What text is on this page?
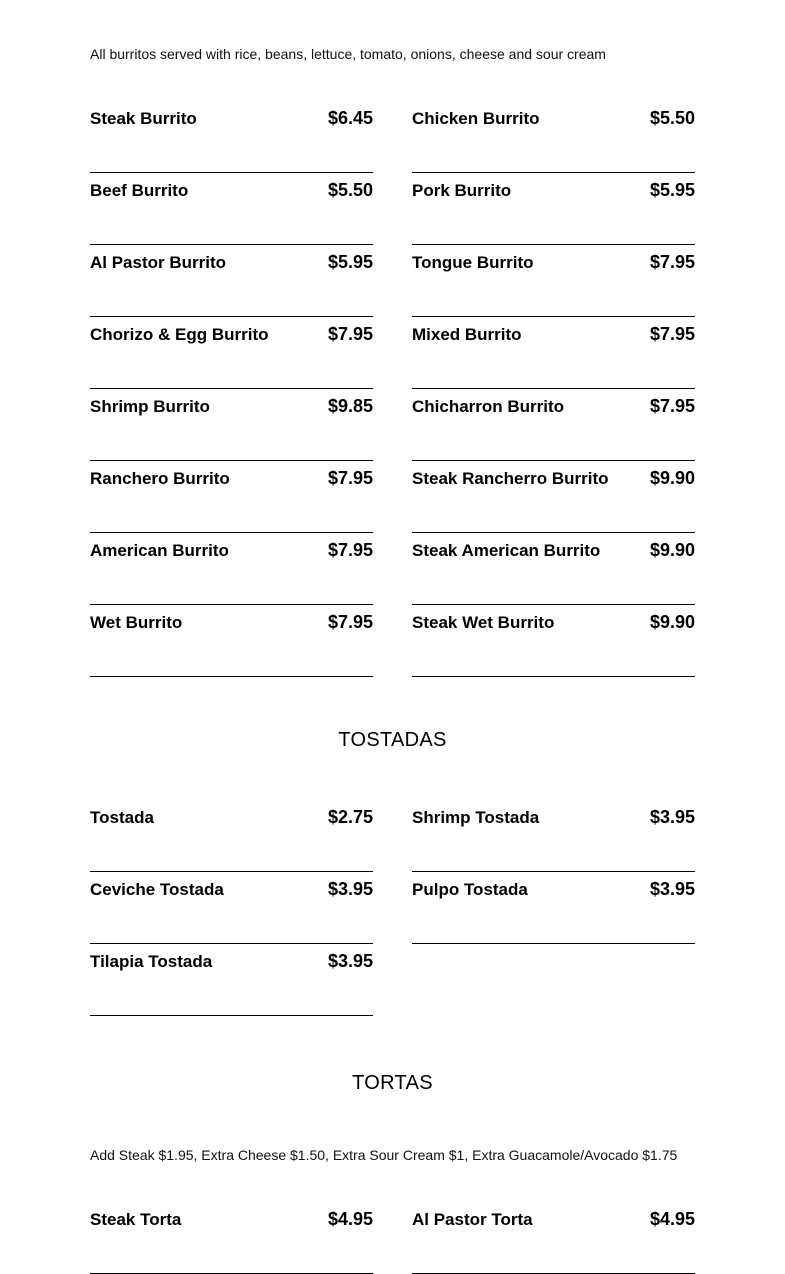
All burritos served with rice, beans, lettuce, tomato, onions, cheese and sour cream
Steak Burrito	$6.45 Chicken Burrito	$5.50
Beef Burrito	$5.50 Pork Burrito	$5.95
Al Pastor Burrito	$5.95 Tongue Burrito	$7.95
Chorizo & Egg Burrito	$7.95 Mixed Burrito	$7.95
Shrimp Burrito	$9.85 Chicharron Burrito	$7.95
Ranchero Burrito	$7.95 Steak Rancherro Burrito $9.90
American Burrito	$7.95 Steak American Burrito	$9.90
Wet Burrito	$7.95 Steak Wet Burrito	$9.90
TOSTADAS
Tostada	$2.75 Shrimp Tostada	$3.95
Ceviche Tostada	$3.95 Pulpo Tostada	$3.95
Tilapia Tostada	$3.95
TORTAS
Add Steak $1.95, Extra Cheese $1.50, Extra Sour Cream $1, Extra Guacamole/Avocado $1.75
Steak Torta	$4.95 Al Pastor Torta	$4.95
